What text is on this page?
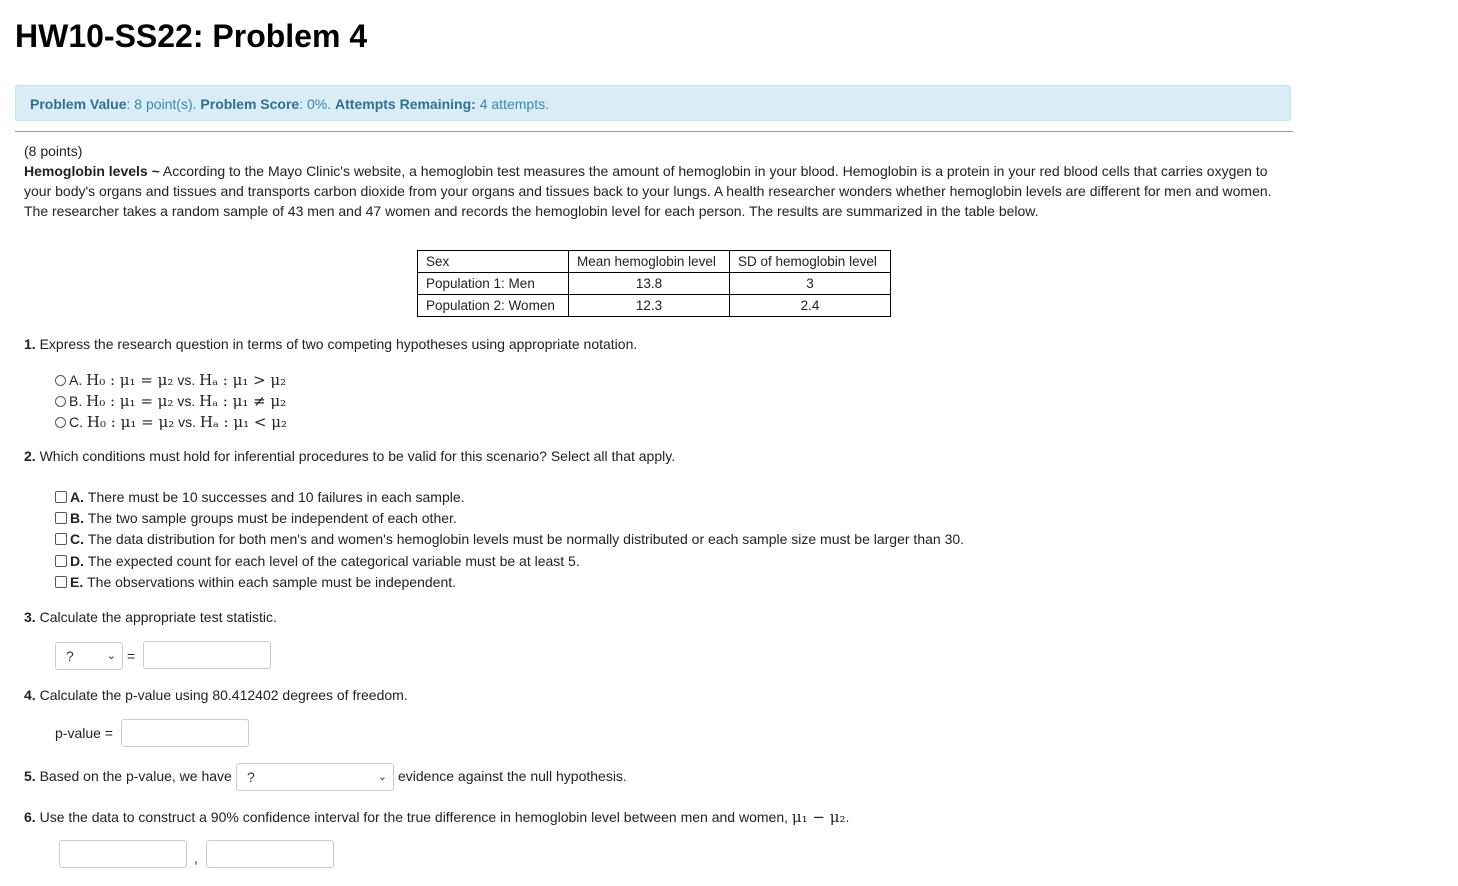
HW10-SS22: Problem 4
Problem Value: 8 point(s). Problem Score: 0%. Attempts Remaining: 4 attempts.

(8 points)

Hemoglobin levels ~ According to the Mayo Clinic's website, a hemoglobin test measures the amount of hemoglobin in your blood. Hemoglobin is a protein in your red blood cells that carries oxygen to your body's organs and tissues and transports carbon dioxide from your organs and tissues back to your lungs. A health researcher wonders whether hemoglobin levels are different for men and women. The researcher takes a random sample of 43 men and 47 women and records the hemoglobin level for each person. The results are summarized in the table below.

Sex	Mean hemoglobin level	SD of hemoglobin level
Population 1: Men	13.8	3
Population 2: Women	12.3	2.4
1. Express the research question in terms of two competing hypotheses using appropriate notation.
A.
H₀ : μ₁ = μ₂
vs.
Hₐ : μ₁ > μ₂
B.
H₀ : μ₁ = μ₂
vs.
Hₐ : μ₁ ≠ μ₂
C.
H₀ : μ₁ = μ₂
vs.
Hₐ : μ₁ < μ₂
2. Which conditions must hold for inferential procedures to be valid for this scenario? Select all that apply.
A.
There must be 10 successes and 10 failures in each sample.
B.
The two sample groups must be independent of each other.
C.
The data distribution for both men's and women's hemoglobin levels must be normally distributed or each sample size must be larger than 30.
D.
The expected count for each level of the categorical variable must be at least 5.
E.
The observations within each sample must be independent.
3. Calculate the appropriate test statistic.
?	⌄ =
4. Calculate the p-value using 80.412402 degrees of freedom.
p-value =
5. Based on the p-value, we have	?	⌄ evidence against the null hypothesis.
6. Use the data to construct a 90% confidence interval for the true difference in hemoglobin level between men and women, μ₁ − μ₂.
,
